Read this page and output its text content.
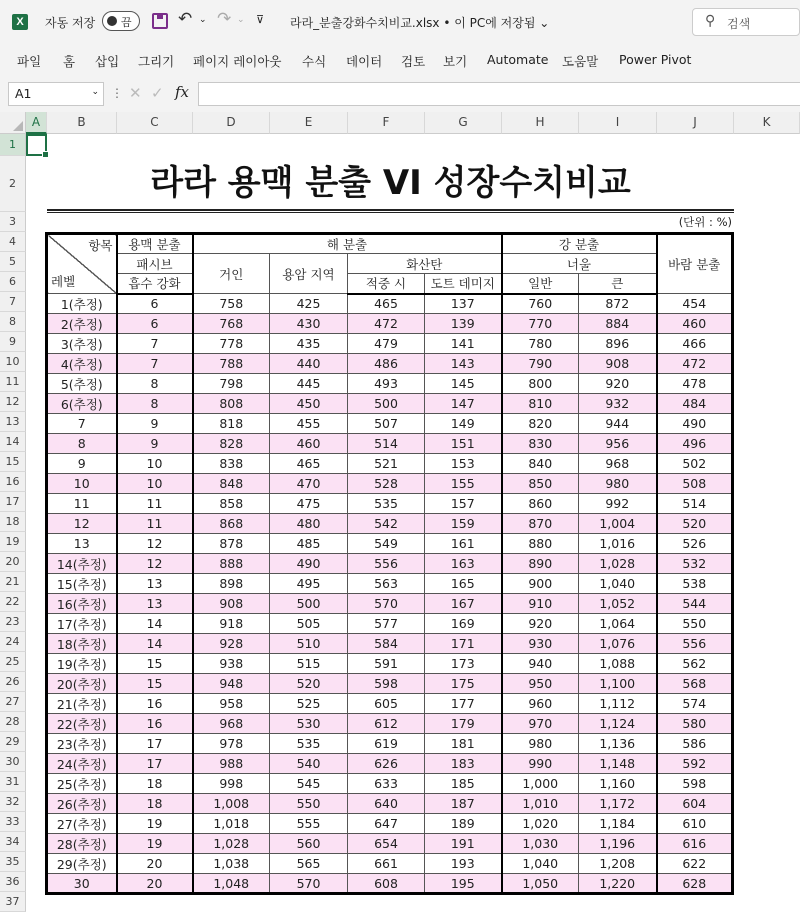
X	자동 저장 끔	↶ ⌄ ↷ ⌄ ⊽ 라라_분출강화수치비교.xlsx • 이 PC에 저장됨 ⌄	⚲ 검색
파일 홈 삽입 그리기 페이지 레이아웃 수식 데이터 검토 보기 Automate 도움말 Power Pivot
A1	⌄ ⋮ ✕ ✓ fx
A	B	C	D	E	F	G	H	I	J	K
1
2
3
4
5
6
7
8
9
10
11
12
13
14
15
16
17
18
19
20
21
22
23
24
25
26
27
28
29
30
31
32
33
34
35
36
37
라라 용맥 분출 VI 성장수치비교
(단위 : %)
항목
레벨	용맥 분출	해 분출				강 분출		바람 분출
	패시브	거인	용암 지역	화산탄		너울		
	흡수 강화			적중 시	도트 데미지	일반	큰	
1(추정)	6	758	425	465	137	760	872	454
2(추정)	6	768	430	472	139	770	884	460
3(추정)	7	778	435	479	141	780	896	466
4(추정)	7	788	440	486	143	790	908	472
5(추정)	8	798	445	493	145	800	920	478
6(추정)	8	808	450	500	147	810	932	484
7	9	818	455	507	149	820	944	490
8	9	828	460	514	151	830	956	496
9	10	838	465	521	153	840	968	502
10	10	848	470	528	155	850	980	508
11	11	858	475	535	157	860	992	514
12	11	868	480	542	159	870	1,004	520
13	12	878	485	549	161	880	1,016	526
14(추정)	12	888	490	556	163	890	1,028	532
15(추정)	13	898	495	563	165	900	1,040	538
16(추정)	13	908	500	570	167	910	1,052	544
17(추정)	14	918	505	577	169	920	1,064	550
18(추정)	14	928	510	584	171	930	1,076	556
19(추정)	15	938	515	591	173	940	1,088	562
20(추정)	15	948	520	598	175	950	1,100	568
21(추정)	16	958	525	605	177	960	1,112	574
22(추정)	16	968	530	612	179	970	1,124	580
23(추정)	17	978	535	619	181	980	1,136	586
24(추정)	17	988	540	626	183	990	1,148	592
25(추정)	18	998	545	633	185	1,000	1,160	598
26(추정)	18	1,008	550	640	187	1,010	1,172	604
27(추정)	19	1,018	555	647	189	1,020	1,184	610
28(추정)	19	1,028	560	654	191	1,030	1,196	616
29(추정)	20	1,038	565	661	193	1,040	1,208	622
30	20	1,048	570	608	195	1,050	1,220	628
